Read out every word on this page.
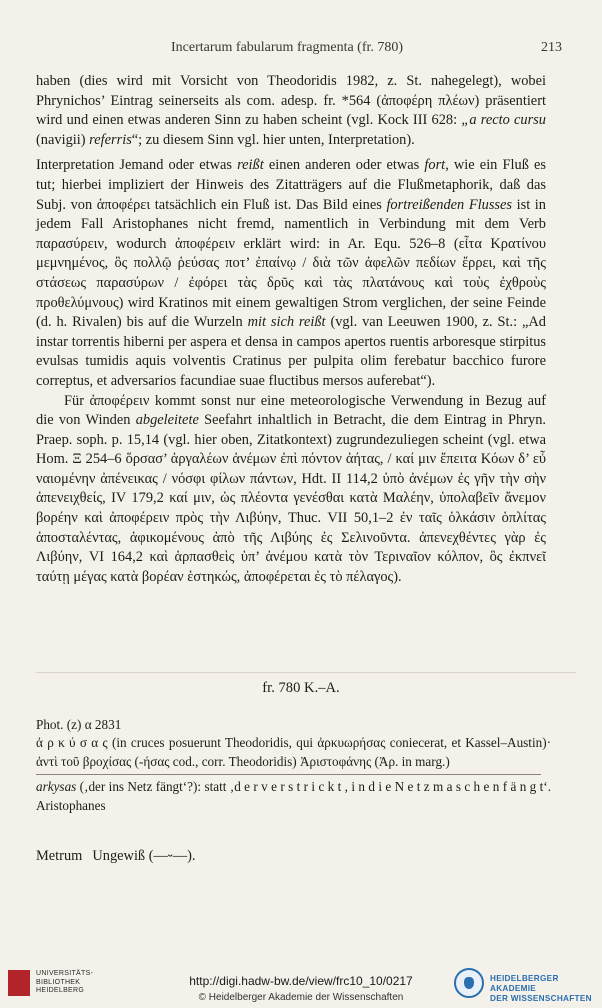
Incertarum fabularum fragmenta (fr. 780)	213

haben (dies wird mit Vorsicht von Theodoridis 1982, z. St. nahegelegt), wobei Phrynichos’ Eintrag seinerseits als com. adesp. fr. *564 (ἀποφέρη πλέων) präsentiert wird und einen etwas anderen Sinn zu haben scheint (vgl. Kock III 628: „a recto cursu (navigii) referris“; zu diesem Sinn vgl. hier unten, Interpretation).

Interpretation Jemand oder etwas reißt einen anderen oder etwas fort, wie ein Fluß es tut; hierbei impliziert der Hinweis des Zitatträgers auf die Flußmetaphorik, daß das Subj. von ἀποφέρει tatsächlich ein Fluß ist. Das Bild eines fortreißenden Flusses ist in jedem Fall Aristophanes nicht fremd, namentlich in Verbindung mit dem Verb παρασύρειν, wodurch ἀποφέρειν erklärt wird: in Ar. Equ. 526–8 (εἶτα Κρατίνου μεμνημένος, ὃς πολλῷ ῥεύσας ποτ’ ἐπαίνῳ / διὰ τῶν ἀφελῶν πεδίων ἔρρει, καὶ τῆς στάσεως παρασύρων / ἐφόρει τὰς δρῦς καὶ τὰς πλατάνους καὶ τοὺς ἐχθροὺς προθελύμνους) wird Kratinos mit einem gewaltigen Strom verglichen, der seine Feinde (d. h. Rivalen) bis auf die Wurzeln mit sich reißt (vgl. van Leeuwen 1900, z. St.: „Ad instar torrentis hiberni per aspera et densa in campos apertos ruentis arboresque stirpitus evulsas tumidis aquis volventis Cratinus per pulpita olim ferebatur bacchico furore correptus, et adversarios facundiae suae fluctibus mersos auferebat“).

Für ἀποφέρειν kommt sonst nur eine meteorologische Verwendung in Bezug auf die von Winden abgeleitete Seefahrt inhaltlich in Betracht, die dem Eintrag in Phryn. Praep. soph. p. 15,14 (vgl. hier oben, Zitatkontext) zugrundezuliegen scheint (vgl. etwa Hom. Ξ 254–6 ὅρσασ’ ἀργαλέων ἀνέμων ἐπὶ πόντον ἀήτας, / καί μιν ἔπειτα Κόων δ’ εὖ ναιομένην ἀπένεικας / νόσφι φίλων πάντων, Hdt. II 114,2 ὑπὸ ἀνέμων ἐς γῆν τὴν σὴν ἀπενειχθείς, IV 179,2 καί μιν, ὡς πλέοντα γενέσθαι κατὰ Μαλέην, ὑπολαβεῖν ἄνεμον βορέην καὶ ἀποφέρειν πρὸς τὴν Λιβύην, Thuc. VII 50,1–2 ἐν ταῖς ὁλκάσιν ὁπλίτας ἀποσταλέντας, ἀφικομένους ἀπὸ τῆς Λιβύης ἐς Σελινοῦντα. ἀπενεχθέντες γὰρ ἐς Λιβύην, VI 164,2 καὶ ἁρπασθεὶς ὑπ’ ἀνέμου κατὰ τὸν Τεριναῖον κόλπον, ὃς ἐκπνεῖ ταύτῃ μέγας κατὰ βορέαν ἑστηκώς, ἀποφέρεται ἐς τὸ πέλαγος).

fr. 780 K.–A.

Phot. (z) α 2831

ἀ ρ κ ύ σ α ς (in cruces posuerunt Theodoridis, qui ἀρκυωρήσας coniecerat, et Kassel–Austin)· ἀντὶ τοῦ βροχίσας (-ήσας cod., corr. Theodoridis) Ἀριστοφάνης (Ἀρ. in marg.)

arkysas (‚der ins Netz fängt‘?): statt ‚d e r v e r s t r i c k t , i n d i e N e t z m a s c h e n f ä n g t‘. Aristophanes

Metrum Ungewiß (—⏑—).
UNIVERSITÄTS-
BIBLIOTHEK
HEIDELBERG
http://digi.hadw-bw.de/view/frc10_10/0217
© Heidelberger Akademie der Wissenschaften
HEIDELBERGER AKADEMIE
DER WISSENSCHAFTEN
